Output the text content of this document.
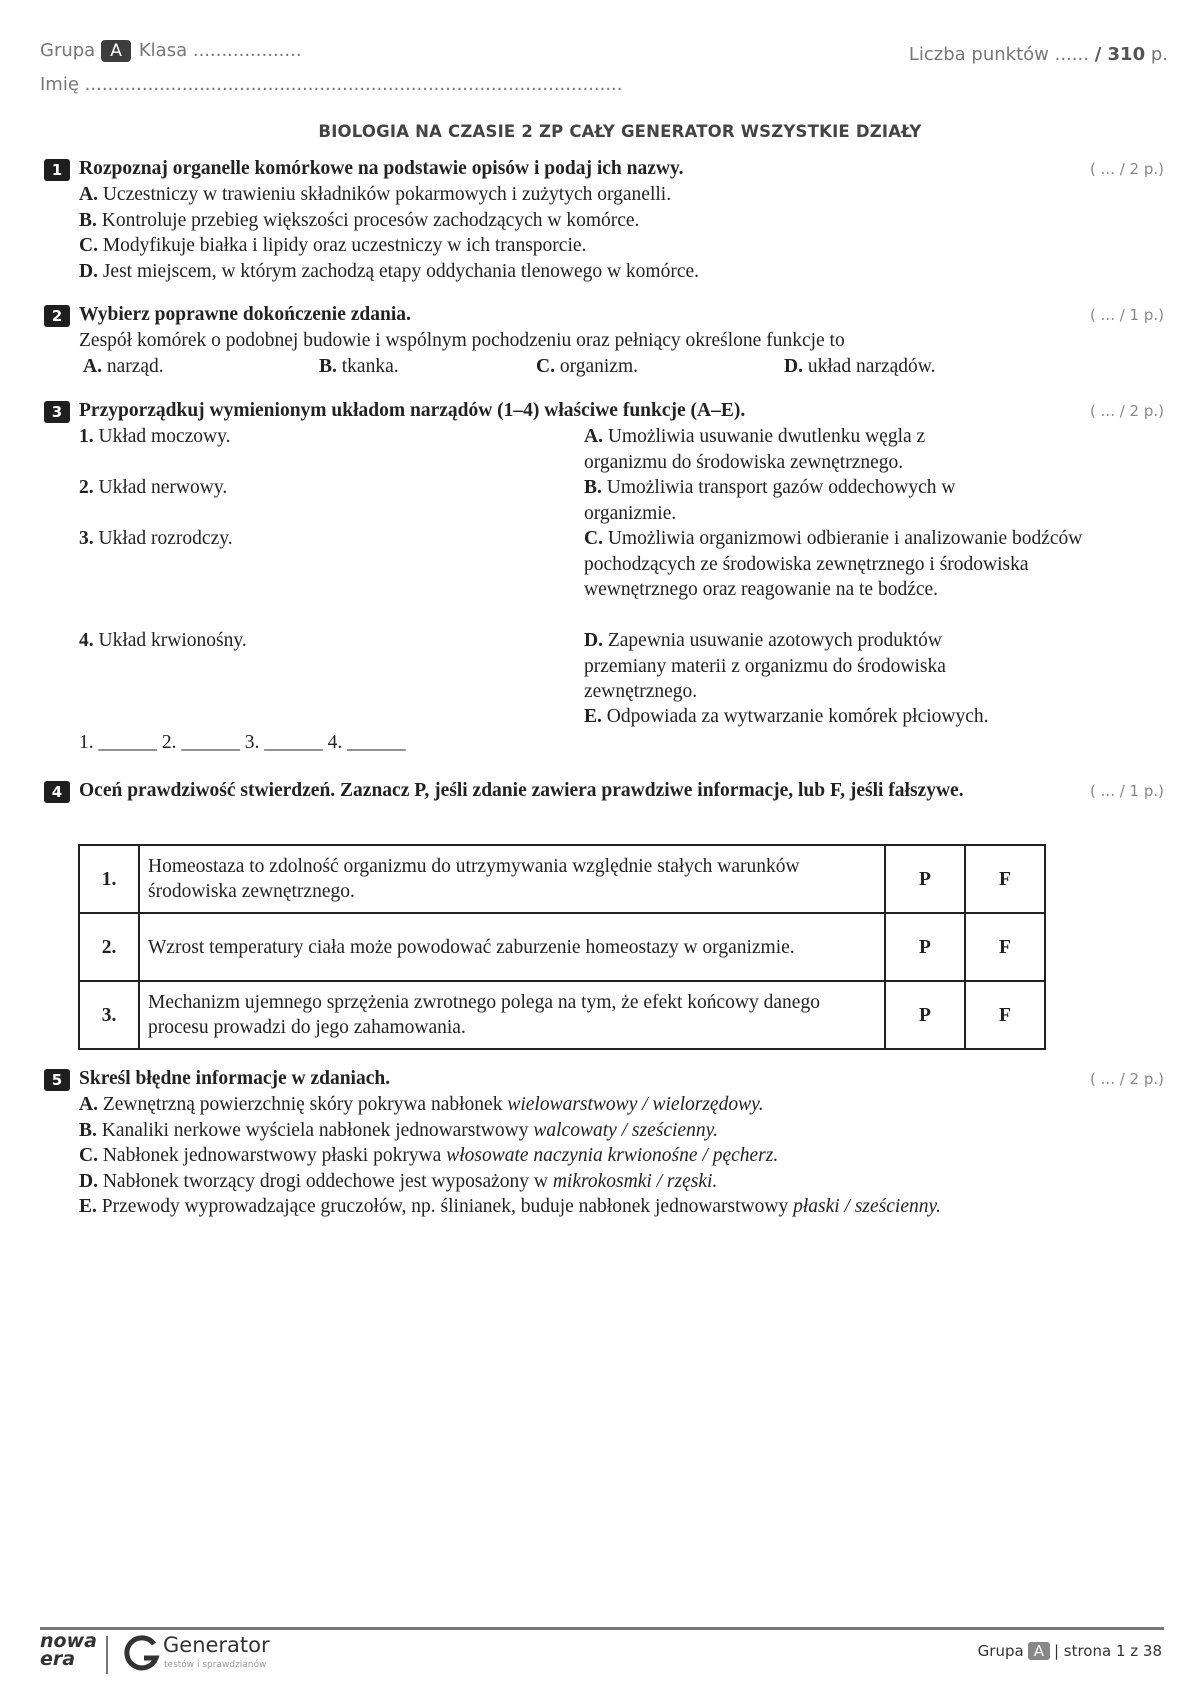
Grupa A Klasa ...................
Imię ..............................................................................................
Liczba punktów ...... / 310 p.
BIOLOGIA NA CZASIE 2 ZP CAŁY GENERATOR WSZYSTKIE DZIAŁY
1 Rozpoznaj organelle komórkowe na podstawie opisów i podaj ich nazwy.	( ... / 2 p.)
A. Uczestniczy w trawieniu składników pokarmowych i zużytych organelli.
B. Kontroluje przebieg większości procesów zachodzących w komórce.
C. Modyfikuje białka i lipidy oraz uczestniczy w ich transporcie.
D. Jest miejscem, w którym zachodzą etapy oddychania tlenowego w komórce.
2 Wybierz poprawne dokończenie zdania.	( ... / 1 p.)
Zespół komórek o podobnej budowie i wspólnym pochodzeniu oraz pełniący określone funkcje to
A. narząd.	B. tkanka.	C. organizm.	D. układ narządów.
3 Przyporządkuj wymienionym układom narządów (1–4) właściwe funkcje (A–E).	( ... / 2 p.)
1. Układ moczowy.
2. Układ nerwowy.
3. Układ rozrodczy.
4. Układ krwionośny.
A. Umożliwia usuwanie dwutlenku węgla z organizmu do środowiska zewnętrznego.
B. Umożliwia transport gazów oddechowych w organizmie.
C. Umożliwia organizmowi odbieranie i analizowanie bodźców pochodzących ze środowiska zewnętrznego i środowiska wewnętrznego oraz reagowanie na te bodźce.
D. Zapewnia usuwanie azotowych produktów przemiany materii z organizmu do środowiska zewnętrznego.
E. Odpowiada za wytwarzanie komórek płciowych.
1. ______ 2. ______ 3. ______ 4. ______
4 Oceń prawdziwość stwierdzeń. Zaznacz P, jeśli zdanie zawiera prawdziwe informacje, lub F, jeśli fałszywe.	( ... / 1 p.)
1.	Homeostaza to zdolność organizmu do utrzymywania względnie stałych warunków środowiska zewnętrznego.	P	F
2.	Wzrost temperatury ciała może powodować zaburzenie homeostazy w organizmie.	P	F
3.	Mechanizm ujemnego sprzężenia zwrotnego polega na tym, że efekt końcowy danego procesu prowadzi do jego zahamowania.	P	F
5 Skreśl błędne informacje w zdaniach.	( ... / 2 p.)
A. Zewnętrzną powierzchnię skóry pokrywa nabłonek wielowarstwowy / wielorzędowy.
B. Kanaliki nerkowe wyściela nabłonek jednowarstwowy walcowaty / sześcienny.
C. Nabłonek jednowarstwowy płaski pokrywa włosowate naczynia krwionośne / pęcherz.
D. Nabłonek tworzący drogi oddechowe jest wyposażony w mikrokosmki / rzęski.
E. Przewody wyprowadzające gruczołów, np. ślinianek, buduje nabłonek jednowarstwowy płaski / sześcienny.
nowa
era
Generator
testów i sprawdzianów
Grupa A | strona 1 z 38
